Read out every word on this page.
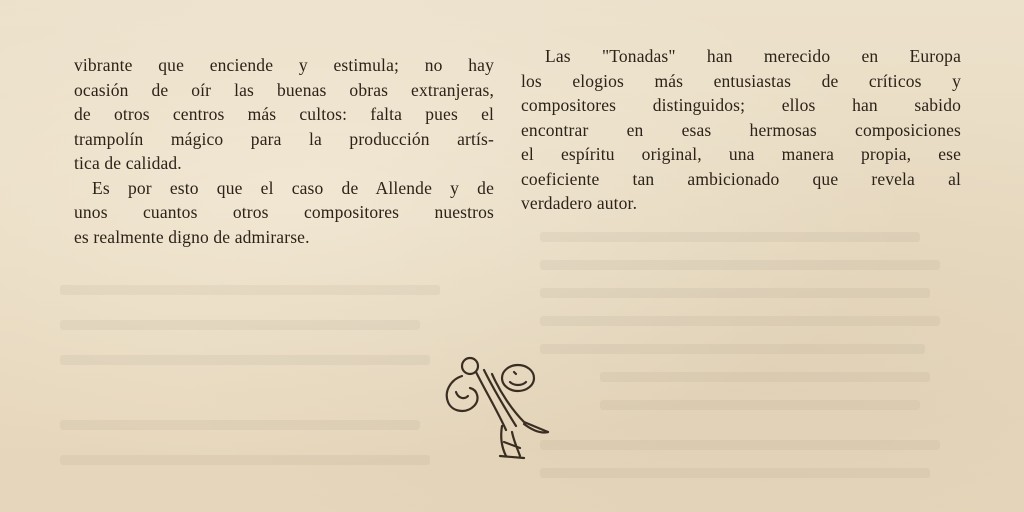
vibrante que enciende y estimula; no hay
ocasión de oír las buenas obras extranjeras,
de otros centros más cultos: falta pues el
trampolín mágico para la producción artís-
tica de calidad.
Es por esto que el caso de Allende y de
unos cuantos otros compositores nuestros
es realmente digno de admirarse.
Las "Tonadas" han merecido en Europa
los elogios más entusiastas de críticos y
compositores distinguidos; ellos han sabido
encontrar en esas hermosas composiciones
el espíritu original, una manera propia, ese
coeficiente tan ambicionado que revela al
verdadero autor.
